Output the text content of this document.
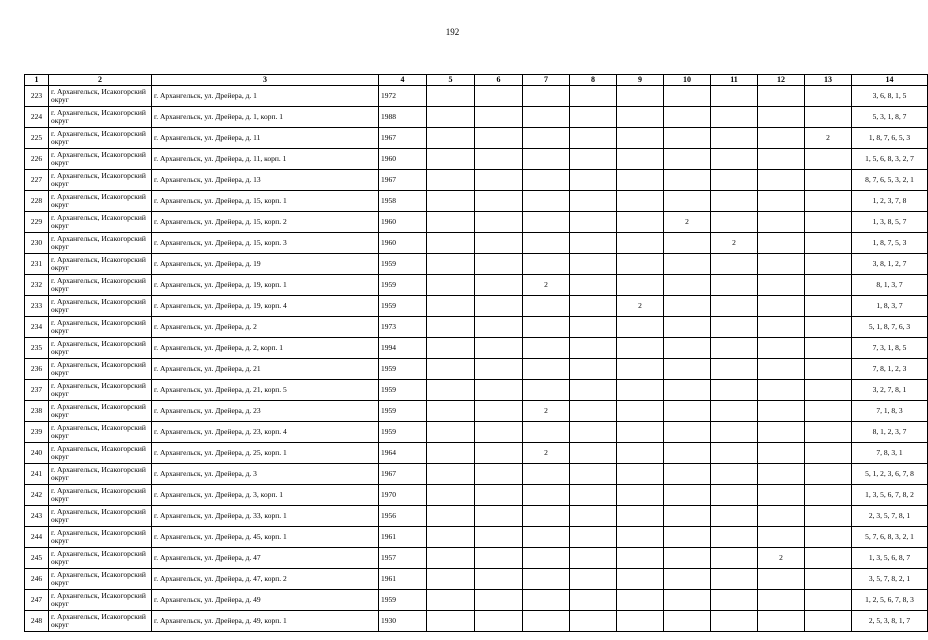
192
1	2	3	4	5	6	7	8	9	10	11	12	13	14
223	г. Архангельск, Исакогорский округ	г. Архангельск, ул. Дрейера, д. 1	1972										3, 6, 8, 1, 5
224	г. Архангельск, Исакогорский округ	г. Архангельск, ул. Дрейера, д. 1, корп. 1	1988										5, 3, 1, 8, 7
225	г. Архангельск, Исакогорский округ	г. Архангельск, ул. Дрейера, д. 11	1967									2	1, 8, 7, 6, 5, 3
226	г. Архангельск, Исакогорский округ	г. Архангельск, ул. Дрейера, д. 11, корп. 1	1960										1, 5, 6, 8, 3, 2, 7
227	г. Архангельск, Исакогорский округ	г. Архангельск, ул. Дрейера, д. 13	1967										8, 7, 6, 5, 3, 2, 1
228	г. Архангельск, Исакогорский округ	г. Архангельск, ул. Дрейера, д. 15, корп. 1	1958										1, 2, 3, 7, 8
229	г. Архангельск, Исакогорский округ	г. Архангельск, ул. Дрейера, д. 15, корп. 2	1960						2				1, 3, 8, 5, 7
230	г. Архангельск, Исакогорский округ	г. Архангельск, ул. Дрейера, д. 15, корп. 3	1960							2			1, 8, 7, 5, 3
231	г. Архангельск, Исакогорский округ	г. Архангельск, ул. Дрейера, д. 19	1959										3, 8, 1, 2, 7
232	г. Архангельск, Исакогорский округ	г. Архангельск, ул. Дрейера, д. 19, корп. 1	1959			2							8, 1, 3, 7
233	г. Архангельск, Исакогорский округ	г. Архангельск, ул. Дрейера, д. 19, корп. 4	1959					2					1, 8, 3, 7
234	г. Архангельск, Исакогорский округ	г. Архангельск, ул. Дрейера, д. 2	1973										5, 1, 8, 7, 6, 3
235	г. Архангельск, Исакогорский округ	г. Архангельск, ул. Дрейера, д. 2, корп. 1	1994										7, 3, 1, 8, 5
236	г. Архангельск, Исакогорский округ	г. Архангельск, ул. Дрейера, д. 21	1959										7, 8, 1, 2, 3
237	г. Архангельск, Исакогорский округ	г. Архангельск, ул. Дрейера, д. 21, корп. 5	1959										3, 2, 7, 8, 1
238	г. Архангельск, Исакогорский округ	г. Архангельск, ул. Дрейера, д. 23	1959			2							7, 1, 8, 3
239	г. Архангельск, Исакогорский округ	г. Архангельск, ул. Дрейера, д. 23, корп. 4	1959										8, 1, 2, 3, 7
240	г. Архангельск, Исакогорский округ	г. Архангельск, ул. Дрейера, д. 25, корп. 1	1964			2							7, 8, 3, 1
241	г. Архангельск, Исакогорский округ	г. Архангельск, ул. Дрейера, д. 3	1967										5, 1, 2, 3, 6, 7, 8
242	г. Архангельск, Исакогорский округ	г. Архангельск, ул. Дрейера, д. 3, корп. 1	1970										1, 3, 5, 6, 7, 8, 2
243	г. Архангельск, Исакогорский округ	г. Архангельск, ул. Дрейера, д. 33, корп. 1	1956										2, 3, 5, 7, 8, 1
244	г. Архангельск, Исакогорский округ	г. Архангельск, ул. Дрейера, д. 45, корп. 1	1961										5, 7, 6, 8, 3, 2, 1
245	г. Архангельск, Исакогорский округ	г. Архангельск, ул. Дрейера, д. 47	1957								2		1, 3, 5, 6, 8, 7
246	г. Архангельск, Исакогорский округ	г. Архангельск, ул. Дрейера, д. 47, корп. 2	1961										3, 5, 7, 8, 2, 1
247	г. Архангельск, Исакогорский округ	г. Архангельск, ул. Дрейера, д. 49	1959										1, 2, 5, 6, 7, 8, 3
248	г. Архангельск, Исакогорский округ	г. Архангельск, ул. Дрейера, д. 49, корп. 1	1930										2, 5, 3, 8, 1, 7
